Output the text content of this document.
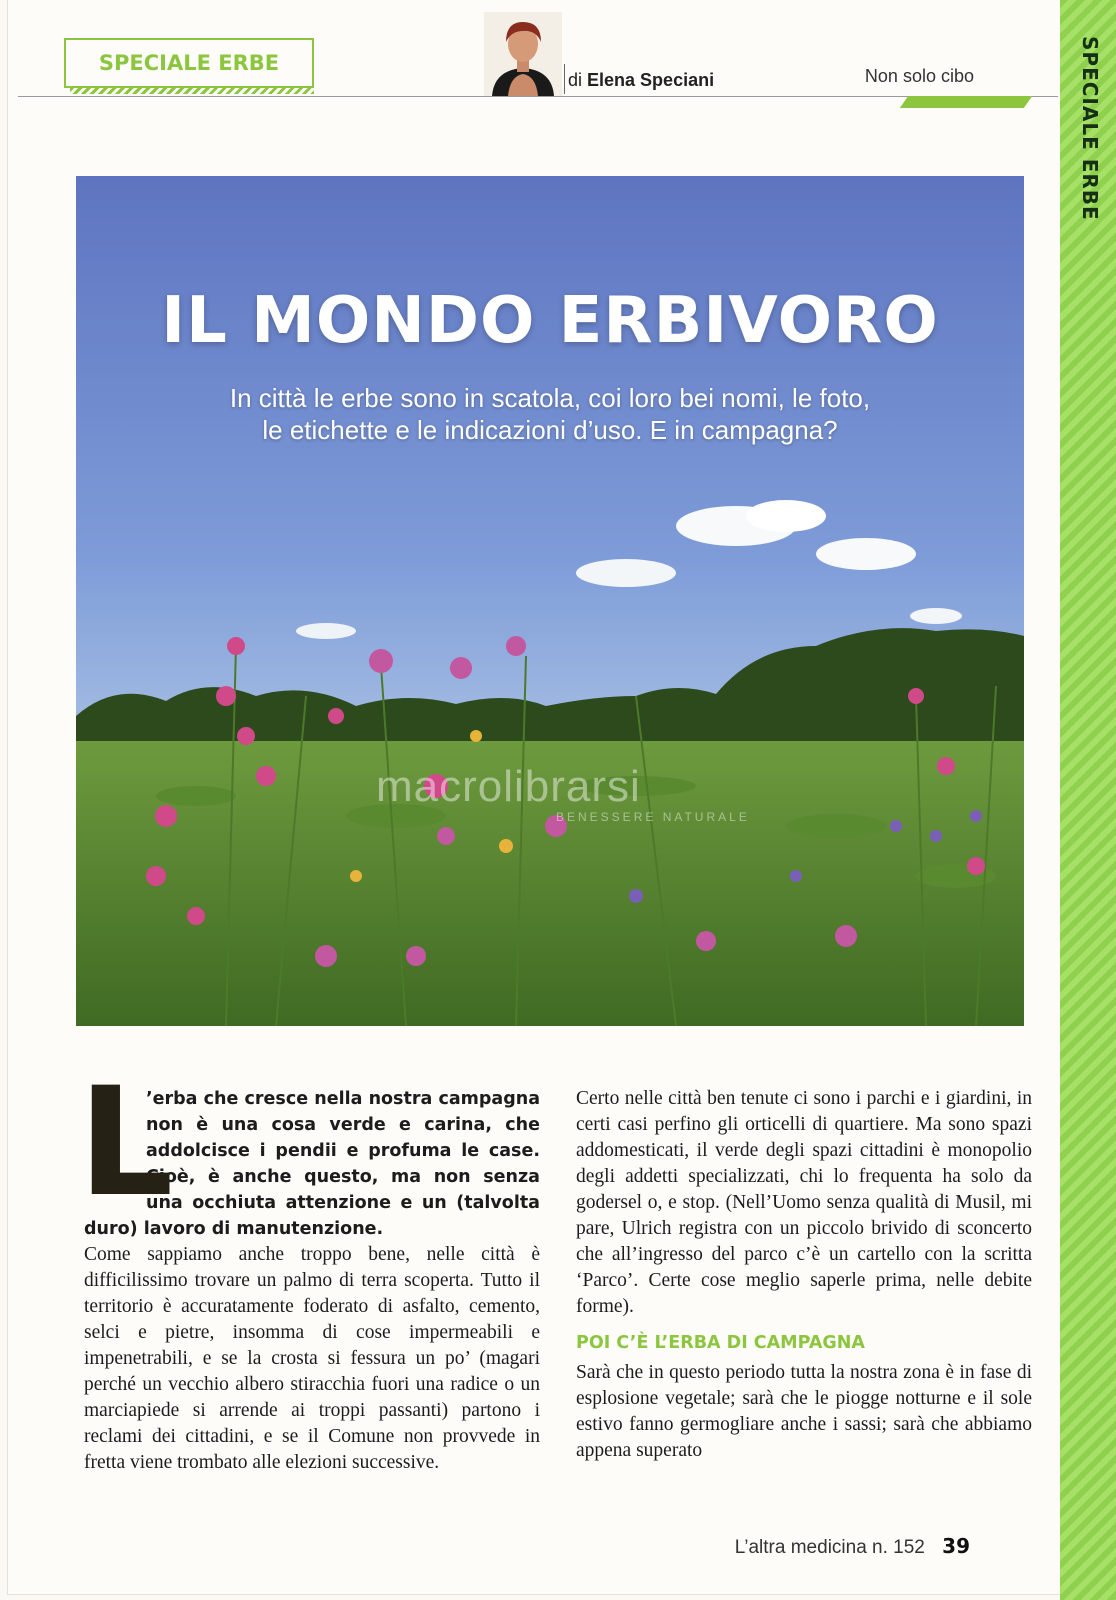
SPECIALE ERBE
di Elena Speciani	Non solo cibo
IL MONDO ERBIVORO
In città le erbe sono in scatola, coi loro bei nomi, le foto,
le etichette e le indicazioni d’uso. E in campagna?
macrolibrarsi
BENESSERE NATURALE
L

’erba che cresce nella nostra campagna non è una cosa verde e carina, che addolcisce i pendii e profuma le case. Cioè, è anche questo, ma non senza una occhiuta attenzione e un (talvolta duro) lavoro di manutenzione.

Come sappiamo anche troppo bene, nelle città è difficilissimo trovare un palmo di terra scoperta. Tutto il territorio è accuratamente foderato di asfalto, cemento, selci e pietre, insomma di cose impermeabili e impenetrabili, e se la crosta si fessura un po’ (magari perché un vecchio albero stiracchia fuori una radice o un marciapiede si arrende ai troppi passanti) partono i reclami dei cittadini, e se il Comune non provvede in fretta viene trombato alle elezioni successive.

Certo nelle città ben tenute ci sono i parchi e i giardini, in certi casi perfino gli orticelli di quartiere. Ma sono spazi addomesticati, il verde degli spazi cittadini è monopolio degli addetti specializzati, chi lo frequenta ha solo da godersel o, e stop. (Nell’Uomo senza qualità di Musil, mi pare, Ulrich registra con un piccolo brivido di sconcerto che all’ingresso del parco c’è un cartello con la scritta ‘Parco’. Certe cose meglio saperle prima, nelle debite forme).

POI C’È L’ERBA DI CAMPAGNA

Sarà che in questo periodo tutta la nostra zona è in fase di esplosione vegetale; sarà che le piogge notturne e il sole estivo fanno germogliare anche i sassi; sarà che abbiamo appena superato

L’altra medicina n. 152 39
SPECIALE ERBE
